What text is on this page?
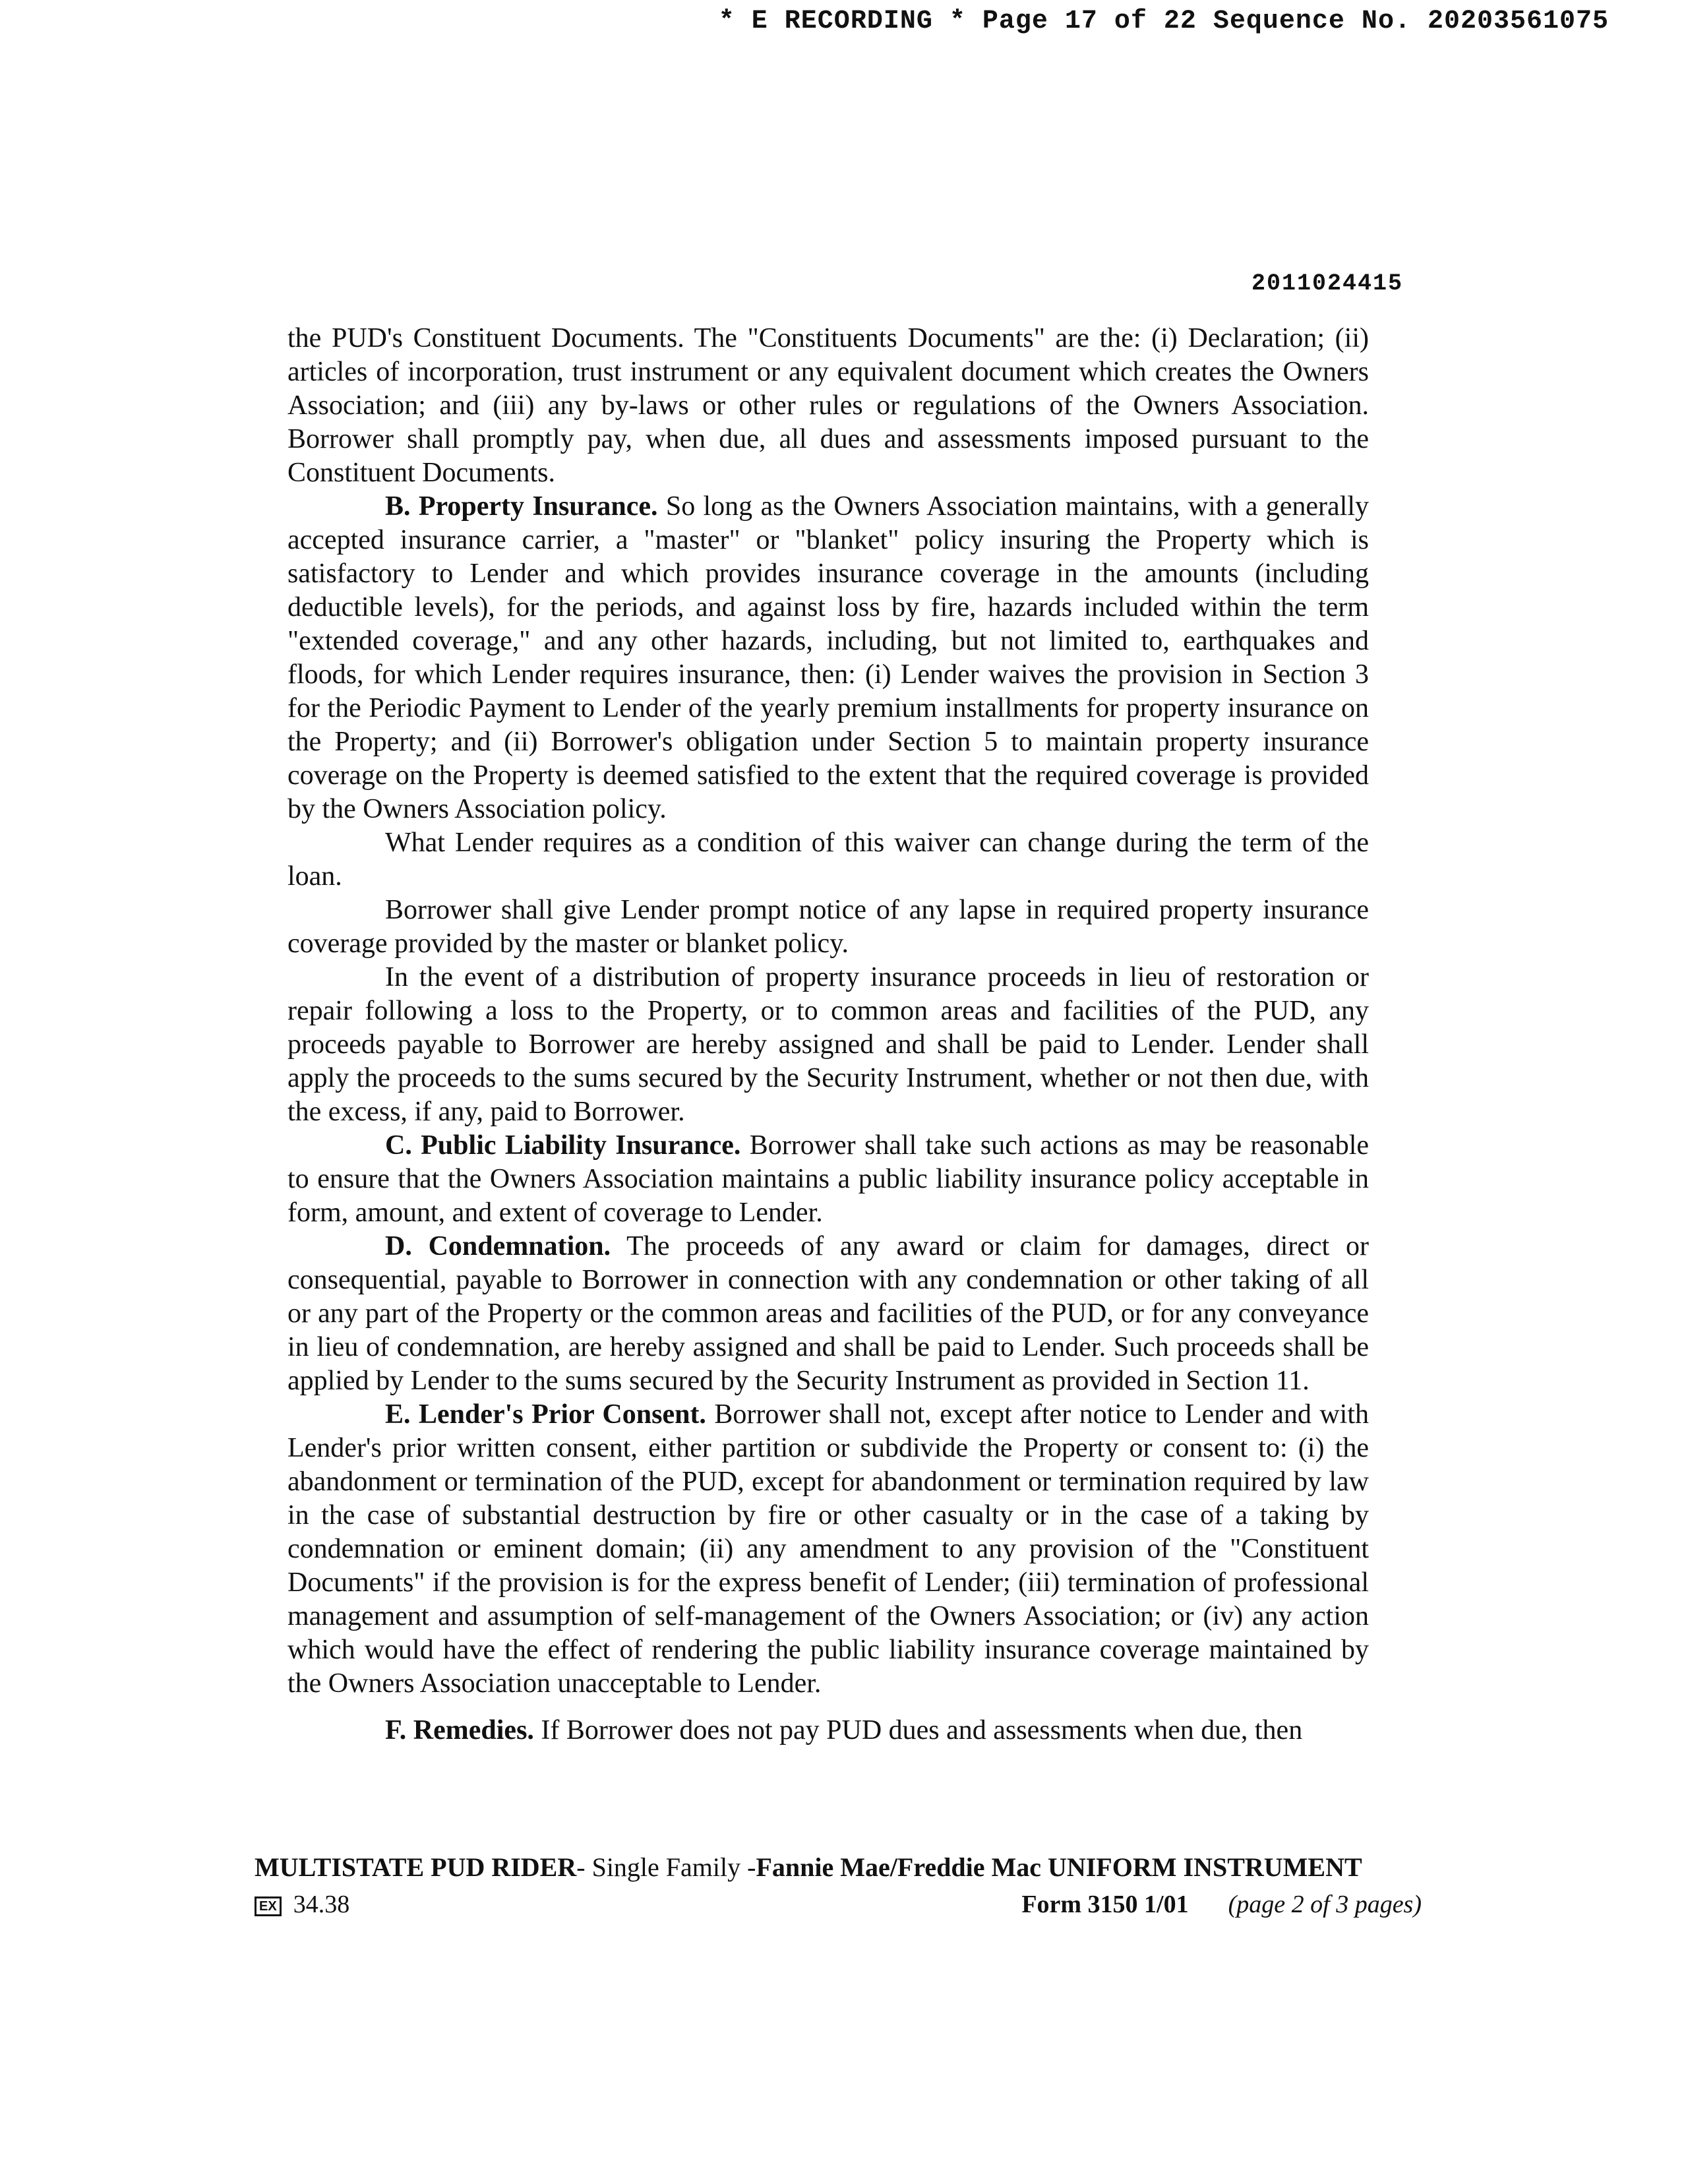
* E RECORDING * Page 17 of 22 Sequence No. 20203561075
2011024415

the PUD's Constituent Documents. The "Constituents Documents" are the: (i) Declaration; (ii) articles of incorporation, trust instrument or any equivalent document which creates the Owners Association; and (iii) any by-laws or other rules or regulations of the Owners Association. Borrower shall promptly pay, when due, all dues and assessments imposed pursuant to the Constituent Documents.

B. Property Insurance. So long as the Owners Association maintains, with a generally accepted insurance carrier, a "master" or "blanket" policy insuring the Property which is satisfactory to Lender and which provides insurance coverage in the amounts (including deductible levels), for the periods, and against loss by fire, hazards included within the term "extended coverage," and any other hazards, including, but not limited to, earthquakes and floods, for which Lender requires insurance, then: (i) Lender waives the provision in Section 3 for the Periodic Payment to Lender of the yearly premium installments for property insurance on the Property; and (ii) Borrower's obligation under Section 5 to maintain property insurance coverage on the Property is deemed satisfied to the extent that the required coverage is provided by the Owners Association policy.

What Lender requires as a condition of this waiver can change during the term of the loan.

Borrower shall give Lender prompt notice of any lapse in required property insurance coverage provided by the master or blanket policy.

In the event of a distribution of property insurance proceeds in lieu of restoration or repair following a loss to the Property, or to common areas and facilities of the PUD, any proceeds payable to Borrower are hereby assigned and shall be paid to Lender. Lender shall apply the proceeds to the sums secured by the Security Instrument, whether or not then due, with the excess, if any, paid to Borrower.

C. Public Liability Insurance. Borrower shall take such actions as may be reasonable to ensure that the Owners Association maintains a public liability insurance policy acceptable in form, amount, and extent of coverage to Lender.

D. Condemnation. The proceeds of any award or claim for damages, direct or consequential, payable to Borrower in connection with any condemnation or other taking of all or any part of the Property or the common areas and facilities of the PUD, or for any conveyance in lieu of condemnation, are hereby assigned and shall be paid to Lender. Such proceeds shall be applied by Lender to the sums secured by the Security Instrument as provided in Section 11.

E. Lender's Prior Consent. Borrower shall not, except after notice to Lender and with Lender's prior written consent, either partition or subdivide the Property or consent to: (i) the abandonment or termination of the PUD, except for abandonment or termination required by law in the case of substantial destruction by fire or other casualty or in the case of a taking by condemnation or eminent domain; (ii) any amendment to any provision of the "Constituent Documents" if the provision is for the express benefit of Lender; (iii) termination of professional management and assumption of self-management of the Owners Association; or (iv) any action which would have the effect of rendering the public liability insurance coverage maintained by the Owners Association unacceptable to Lender.

F. Remedies. If Borrower does not pay PUD dues and assessments when due, then

MULTISTATE PUD RIDER- Single Family -Fannie Mae/Freddie Mac UNIFORM INSTRUMENT
EX 34.38	Form 3150 1/01 (page 2 of 3 pages)
